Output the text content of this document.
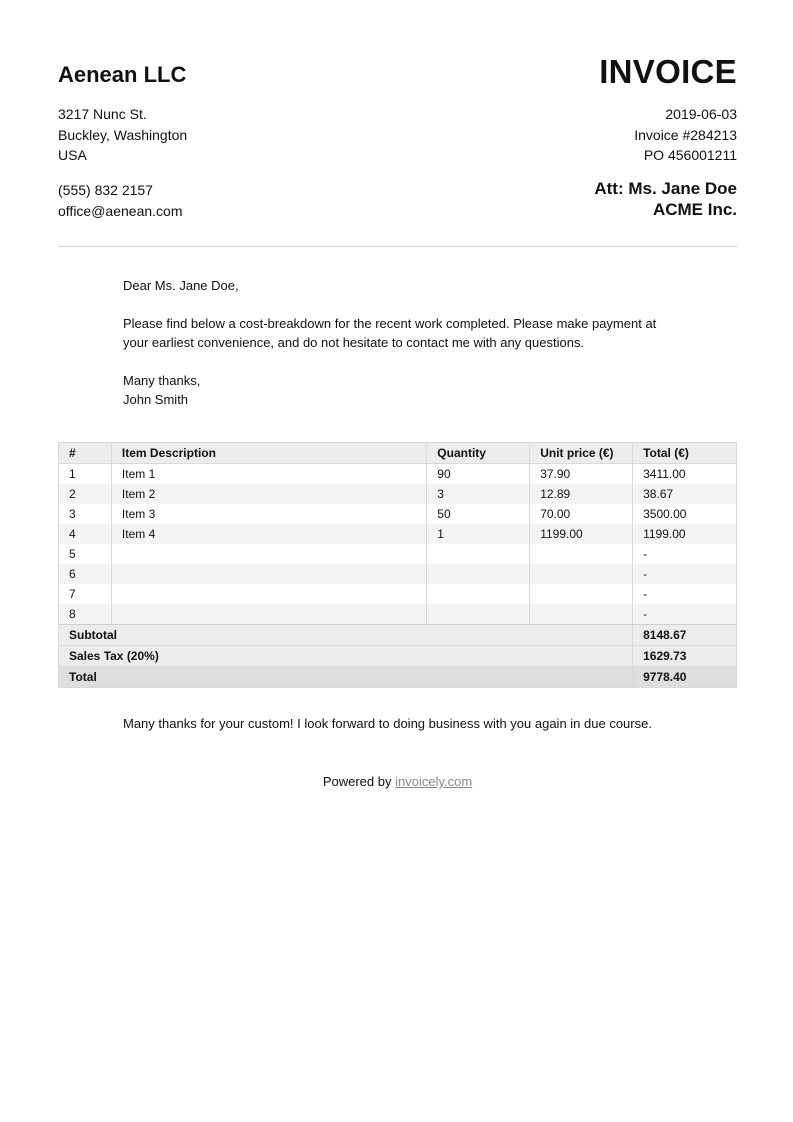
Aenean LLC	INVOICE
3217 Nunc St.
Buckley, Washington
USA
(555) 832 2157
office@aenean.com
2019-06-03
Invoice #284213
PO 456001211
Att: Ms. Jane Doe
ACME Inc.

Dear Ms. Jane Doe,

Please find below a cost-breakdown for the recent work completed. Please make payment at your earliest convenience, and do not hesitate to contact me with any questions.

Many thanks,
John Smith
#	Item Description	Quantity	Unit price (€)	Total (€)
1	Item 1	90	37.90	3411.00
2	Item 2	3	12.89	38.67
3	Item 3	50	70.00	3500.00
4	Item 4	1	1199.00	1199.00
5				-
6				-
7				-
8				-
Subtotal				8148.67
Sales Tax (20%)				1629.73
Total				9778.40
Many thanks for your custom! I look forward to doing business with you again in due course.
Powered by invoicely.com
